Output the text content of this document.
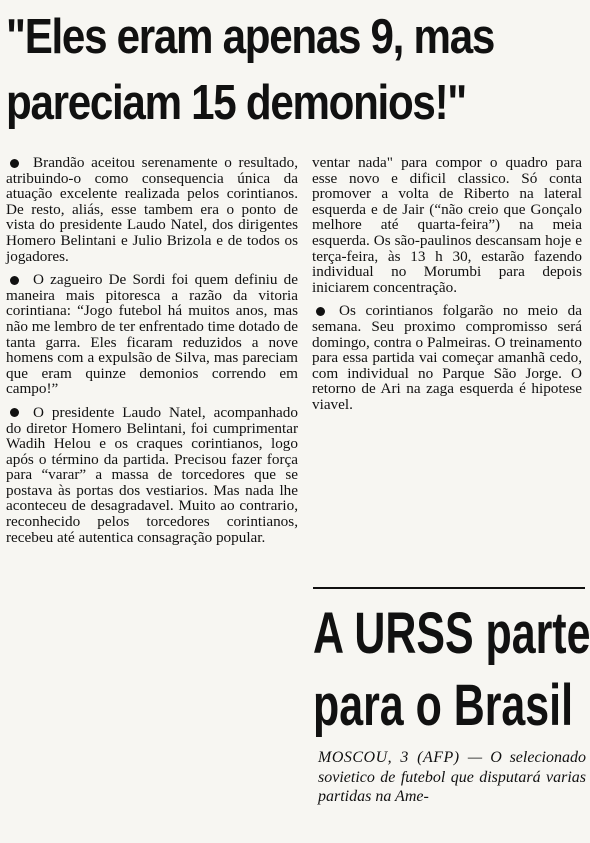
"Eles eram apenas 9, mas
pareciam 15 demonios!"

Brandão aceitou serenamente o resultado, atribuindo-o como consequencia única da atuação excelente realizada pelos corintianos. De resto, aliás, esse tambem era o ponto de vista do presidente Laudo Natel, dos dirigentes Homero Belintani e Julio Brizola e de todos os jogadores.

O zagueiro De Sordi foi quem definiu de maneira mais pitoresca a razão da vitoria corintiana: “Jogo futebol há muitos anos, mas não me lembro de ter enfrentado time dotado de tanta garra. Eles ficaram reduzidos a nove homens com a expulsão de Silva, mas pareciam que eram quinze demonios correndo em campo!”

O presidente Laudo Natel, acompanhado do diretor Homero Belintani, foi cumprimentar Wadih Helou e os craques corintianos, logo após o término da partida. Precisou fazer força para “varar” a massa de torcedores que se postava às portas dos vestiarios. Mas nada lhe aconteceu de desagradavel. Muito ao contrario, reconhecido pelos torcedores corintianos, recebeu até autentica consagração popular.

ventar nada" para compor o quadro para esse novo e dificil classico. Só conta promover a volta de Riberto na lateral esquerda e de Jair (“não creio que Gonçalo melhore até quarta-feira”) na meia esquerda. Os são-paulinos descansam hoje e terça-feira, às 13 h 30, estarão fazendo individual no Morumbi para depois iniciarem concentração.

Os corintianos folgarão no meio da semana. Seu proximo compromisso será domingo, contra o Palmeiras. O treinamento para essa partida vai começar amanhã cedo, com individual no Parque São Jorge. O retorno de Ari na zaga esquerda é hipotese viavel.

A URSS parte
para o Brasil
MOSCOU, 3 (AFP) — O selecionado sovietico de futebol que disputará varias partidas na Ame-
